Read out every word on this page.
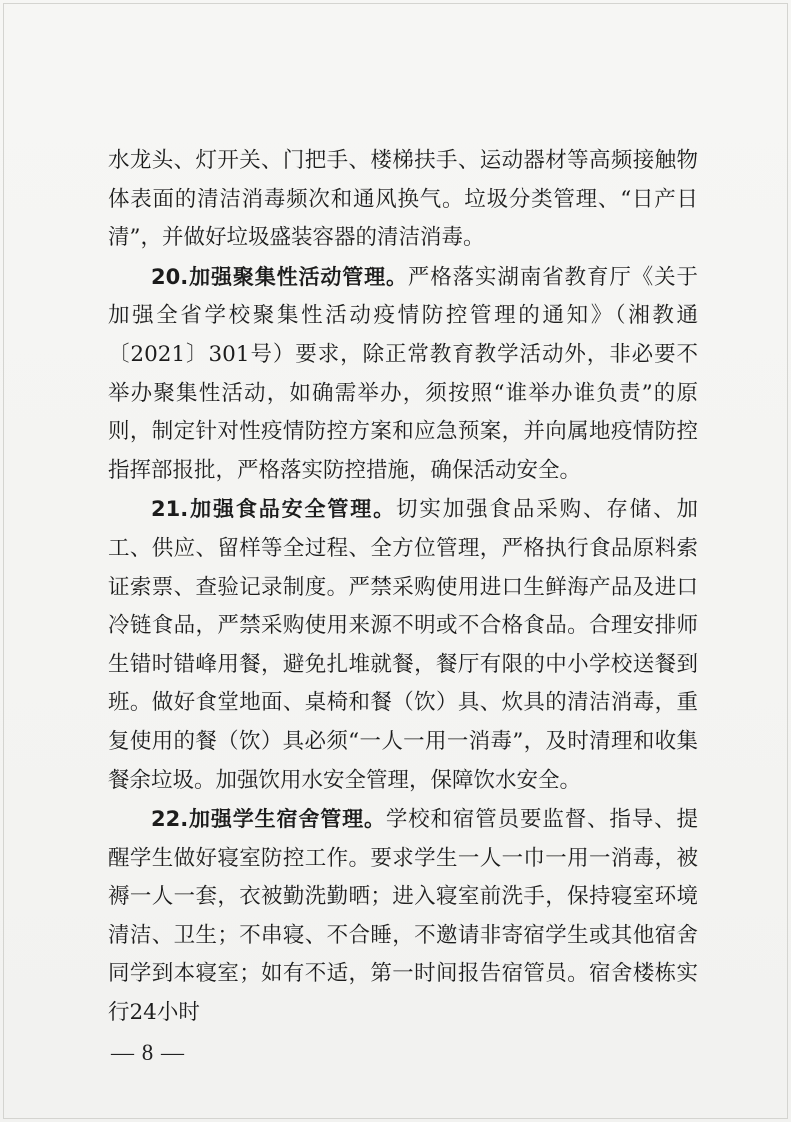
水龙头、灯开关、门把手、楼梯扶手、运动器材等高频接触物体表面的清洁消毒频次和通风换气。垃圾分类管理、“日产日清”，并做好垃圾盛装容器的清洁消毒。

20.加强聚集性活动管理。严格落实湖南省教育厅《关于加强全省学校聚集性活动疫情防控管理的通知》（湘教通〔2021〕301号）要求，除正常教育教学活动外，非必要不举办聚集性活动，如确需举办，须按照“谁举办谁负责”的原则，制定针对性疫情防控方案和应急预案，并向属地疫情防控指挥部报批，严格落实防控措施，确保活动安全。

21.加强食品安全管理。切实加强食品采购、存储、加工、供应、留样等全过程、全方位管理，严格执行食品原料索证索票、查验记录制度。严禁采购使用进口生鲜海产品及进口冷链食品，严禁采购使用来源不明或不合格食品。合理安排师生错时错峰用餐，避免扎堆就餐，餐厅有限的中小学校送餐到班。做好食堂地面、桌椅和餐（饮）具、炊具的清洁消毒，重复使用的餐（饮）具必须“一人一用一消毒”，及时清理和收集餐余垃圾。加强饮用水安全管理，保障饮水安全。

22.加强学生宿舍管理。学校和宿管员要监督、指导、提醒学生做好寝室防控工作。要求学生一人一巾一用一消毒，被褥一人一套，衣被勤洗勤晒；进入寝室前洗手，保持寝室环境清洁、卫生；不串寝、不合睡，不邀请非寄宿学生或其他宿舍同学到本寝室；如有不适，第一时间报告宿管员。宿舍楼栋实行24小时

— 8 —
